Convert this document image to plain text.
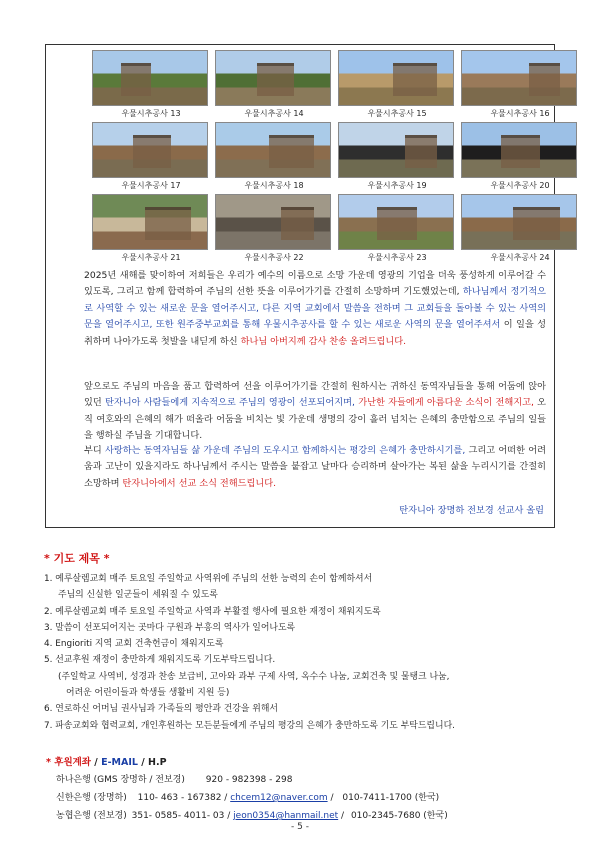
우물시추공사 13	우물시추공사 14	우물시추공사 15	우물시추공사 16
우물시추공사 17	우물시추공사 18	우물시추공사 19	우물시추공사 20
우물시추공사 21	우물시추공사 22	우물시추공사 23	우물시추공사 24
2025년 새해를 맞이하여 저희들은 우리가 예수의 이름으로 소망 가운데 영광의 기업을 더욱 풍성하게 이루어갈 수 있도록, 그리고 함께 합력하여 주님의 선한 뜻을 이루어가기를 간절히 소망하며 기도했었는데, 하나님께서 정기적으로 사역할 수 있는 새로운 문을 열어주시고, 다른 지역 교회에서 말씀을 전하며 그 교회들을 돌아볼 수 있는 사역의 문을 열어주시고, 또한 원주중부교회를 통해 우물시추공사를 할 수 있는 새로운 사역의 문을 열어주셔서 이 일을 성취하며 나아가도록 첫발을 내딛게 하신 하나님 아버지께 감사 찬송 올려드립니다.
앞으로도 주님의 마음을 품고 합력하여 선을 이루어가기를 간절히 원하시는 귀하신 동역자님들을 통해 어둠에 앉아 있던 탄자니아 사람들에게 지속적으로 주님의 영광이 선포되어지며, 가난한 자들에게 아름다운 소식이 전해지고, 오직 여호와의 은혜의 해가 떠올라 어둠을 비치는 빛 가운데 생명의 강이 흘러 넘치는 은혜의 충만함으로 주님의 일들을 행하실 주님을 기대합니다.
부디 사랑하는 동역자님들 삶 가운데 주님의 도우시고 함께하시는 평강의 은혜가 충만하시기를, 그리고 어떠한 어려움과 고난이 있을지라도 하나님께서 주시는 말씀을 붙잡고 날마다 승리하며 살아가는 복된 삶을 누리시기를 간절히 소망하며 탄자니아에서 선교 소식 전해드립니다.
탄자니아 장명하 전보경 선교사 올림
* 기도 제목 *
1. 예루살렘교회 매주 토요일 주일학교 사역위에 주님의 선한 능력의 손이 함께하셔서
주님의 신실한 일군들이 세워질 수 있도록
2. 예루살렘교회 매주 토요일 주일학교 사역과 부활절 행사에 필요한 재정이 채워지도록
3. 말씀이 선포되어지는 곳마다 구원과 부흥의 역사가 일어나도록
4. Engioriti 지역 교회 건축헌금이 채워지도록
5. 선교후원 재정이 충만하게 채워지도록 기도부탁드립니다.
(주일학교 사역비, 성경과 찬송 보급비, 고아와 과부 구제 사역, 옥수수 나눔, 교회건축 및 물탱크 나눔,
어려운 어린이들과 학생들 생활비 지원 등)
6. 연로하신 어머님 권사님과 가족들의 평안과 건강을 위해서
7. 파송교회와 협력교회, 개인후원하는 모든분들에게 주님의 평강의 은혜가 충만하도록 기도 부탁드립니다.
* 후원계좌 / E-MAIL / H.P
하나은행 (GMS 장명하 / 전보경) 920 - 982398 - 298
신한은행 (장명하) 110- 463 - 167382 / chcem12@naver.com / 010-7411-1700 (한국)
농협은행 (전보경) 351- 0585- 4011- 03 / jeon0354@hanmail.net / 010-2345-7680 (한국)
- 5 -
